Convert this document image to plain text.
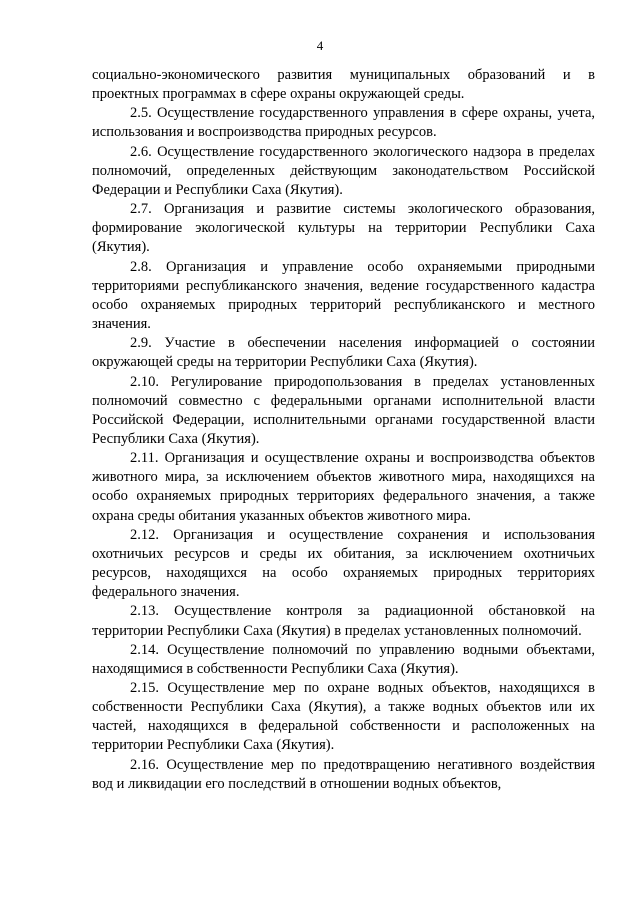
4

социально-экономического развития муниципальных образований и в проектных программах в сфере охраны окружающей среды.

2.5. Осуществление государственного управления в сфере охраны, учета, использования и воспроизводства природных ресурсов.

2.6. Осуществление государственного экологического надзора в пределах полномочий, определенных действующим законодательством Российской Федерации и Республики Саха (Якутия).

2.7. Организация и развитие системы экологического образования, формирование экологической культуры на территории Республики Саха (Якутия).

2.8. Организация и управление особо охраняемыми природными территориями республиканского значения, ведение государственного кадастра особо охраняемых природных территорий республиканского и местного значения.

2.9. Участие в обеспечении населения информацией о состоянии окружающей среды на территории Республики Саха (Якутия).

2.10. Регулирование природопользования в пределах установленных полномочий совместно с федеральными органами исполнительной власти Российской Федерации, исполнительными органами государственной власти Республики Саха (Якутия).

2.11. Организация и осуществление охраны и воспроизводства объектов животного мира, за исключением объектов животного мира, находящихся на особо охраняемых природных территориях федерального значения, а также охрана среды обитания указанных объектов животного мира.

2.12. Организация и осуществление сохранения и использования охотничьих ресурсов и среды их обитания, за исключением охотничьих ресурсов, находящихся на особо охраняемых природных территориях федерального значения.

2.13. Осуществление контроля за радиационной обстановкой на территории Республики Саха (Якутия) в пределах установленных полномочий.

2.14. Осуществление полномочий по управлению водными объектами, находящимися в собственности Республики Саха (Якутия).

2.15. Осуществление мер по охране водных объектов, находящихся в собственности Республики Саха (Якутия), а также водных объектов или их частей, находящихся в федеральной собственности и расположенных на территории Республики Саха (Якутия).

2.16. Осуществление мер по предотвращению негативного воздействия вод и ликвидации его последствий в отношении водных объектов,
